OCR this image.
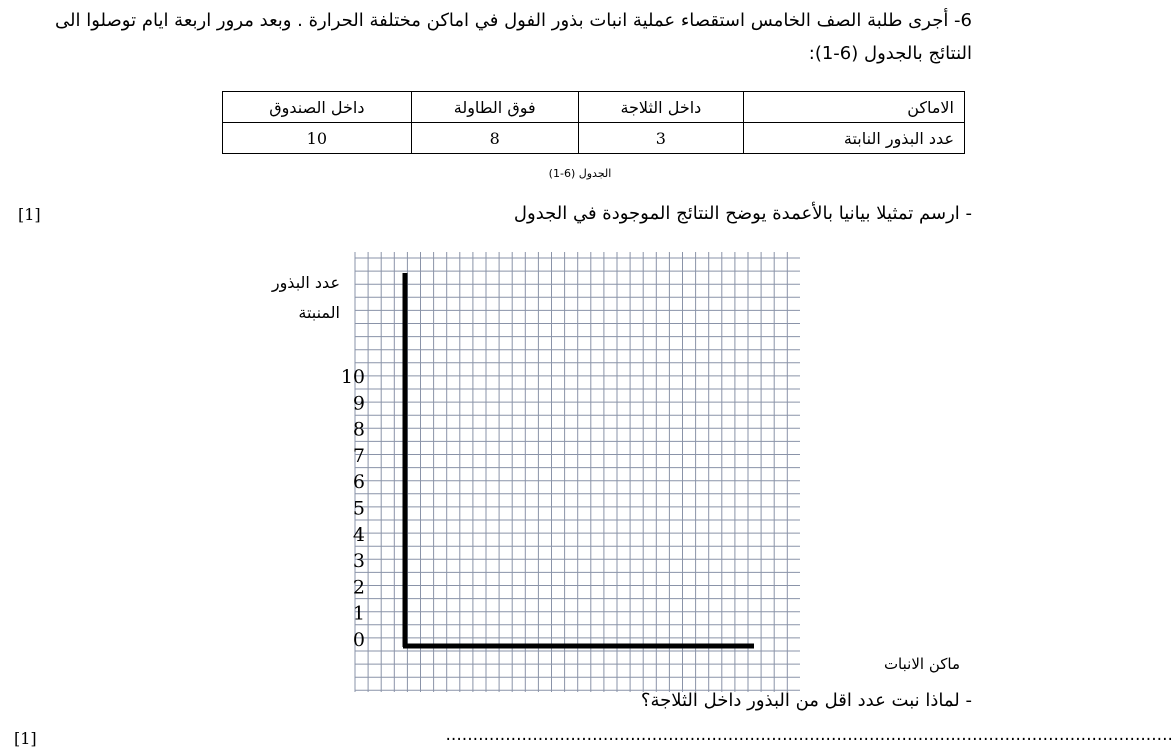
6- أجرى طلبة الصف الخامس استقصاء عملية انبات بذور الفول في اماكن مختلفة الحرارة . وبعد مرور اربعة ايام توصلوا الى النتائج بالجدول (6-1):
الاماكن	داخل الثلاجة	فوق الطاولة	داخل الصندوق
عدد البذور النابتة	3	8	10
الجدول (6-1)
- ارسم تمثيلا بيانيا بالأعمدة يوضح النتائج الموجودة في الجدول
[1]
0
1
2
3
4
5
6
7
8
9
10
عدد البذور
المنبتة
ماكن الانبات
- لماذا نبت عدد اقل من البذور داخل الثلاجة؟
......................................................................................................................................
[1]
